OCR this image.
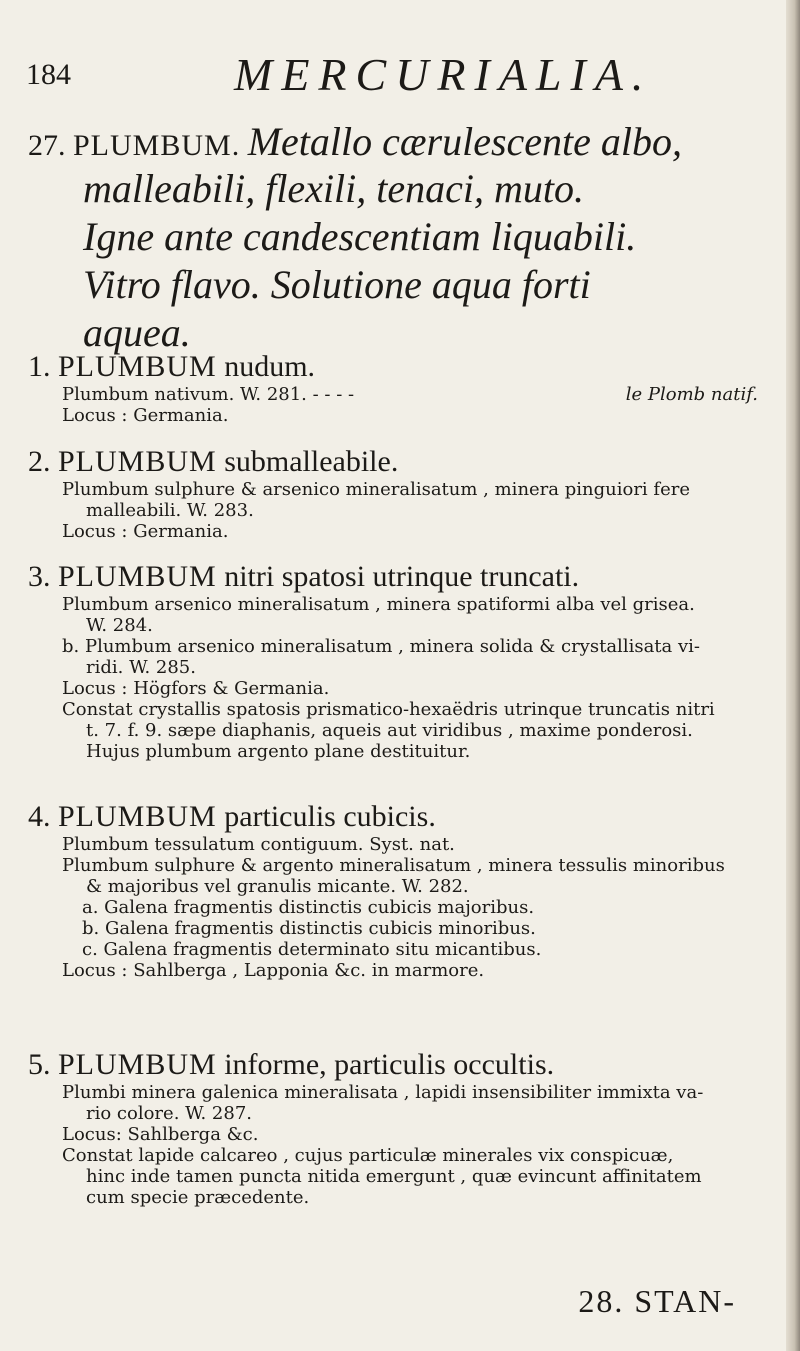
184	MERCURIALIA.
27. PLUMBUM. Metallo cærulescente albo,
malleabili, flexili, tenaci, muto.
Igne ante candescentiam liquabili.
Vitro flavo. Solutione aqua forti
aquea.
1. PLUMBUM nudum.

Plumbum nativum. W. 281. - - - -	le Plomb natif.

Locus : Germania.

2. PLUMBUM submalleabile.

Plumbum sulphure & arsenico mineralisatum , minera pinguiori fere

malleabili. W. 283.

Locus : Germania.

3. PLUMBUM nitri spatosi utrinque truncati.

Plumbum arsenico mineralisatum , minera spatiformi alba vel grisea.

W. 284.

b. Plumbum arsenico mineralisatum , minera solida & crystallisata vi-

ridi. W. 285.

Locus : Högfors & Germania.

Constat crystallis spatosis prismatico-hexaëdris utrinque truncatis nitri

t. 7. f. 9. sæpe diaphanis, aqueis aut viridibus , maxime ponderosi.

Hujus plumbum argento plane destituitur.

4. PLUMBUM particulis cubicis.

Plumbum tessulatum contiguum. Syst. nat.

Plumbum sulphure & argento mineralisatum , minera tessulis minoribus

& majoribus vel granulis micante. W. 282.

a. Galena fragmentis distinctis cubicis majoribus.

b. Galena fragmentis distinctis cubicis minoribus.

c. Galena fragmentis determinato situ micantibus.

Locus : Sahlberga , Lapponia &c. in marmore.

5. PLUMBUM informe, particulis occultis.

Plumbi minera galenica mineralisata , lapidi insensibiliter immixta va-

rio colore. W. 287.

Locus: Sahlberga &c.

Constat lapide calcareo , cujus particulæ minerales vix conspicuæ,

hinc inde tamen puncta nitida emergunt , quæ evincunt affinitatem

cum specie præcedente.

28. STAN-
